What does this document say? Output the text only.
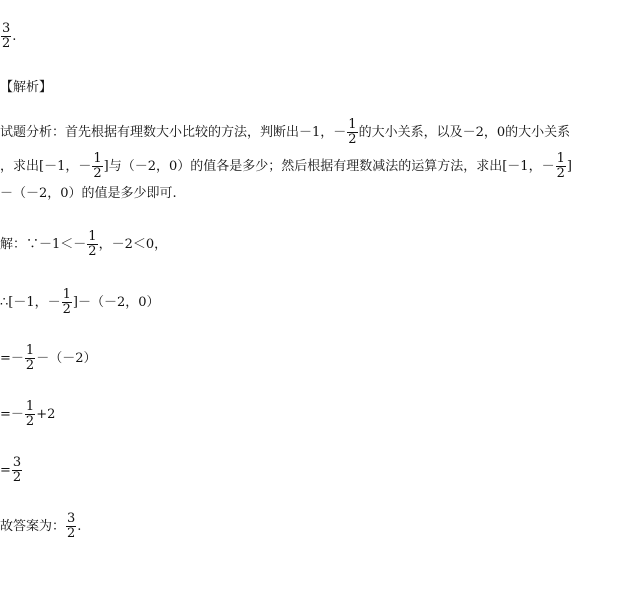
$\frac{3}{2}$ .
【解析】
试题分析：首先根据有理数大小比较的方法，判断出－1，－ $\frac{1}{2}$ 的大小关系，以及－2，0的大小关系
，求出[－1，－ $\frac{1}{2}$ ]与（－2，0）的值各是多少；然后根据有理数减法的运算方法，求出[－1，－ $\frac{1}{2}$ ]
－（－2，0）的值是多少即可.
解：∵－1＜－ $\frac{1}{2}$ ，－2＜0，
∴[－1，－ $\frac{1}{2} ]-(-2$，0）
=－ $\frac{1}{2} -(-2)$
=－ $\frac{1}{2} +2$
= $\frac{3}{2}$
故答案为： $\frac{3}{2}$ .
